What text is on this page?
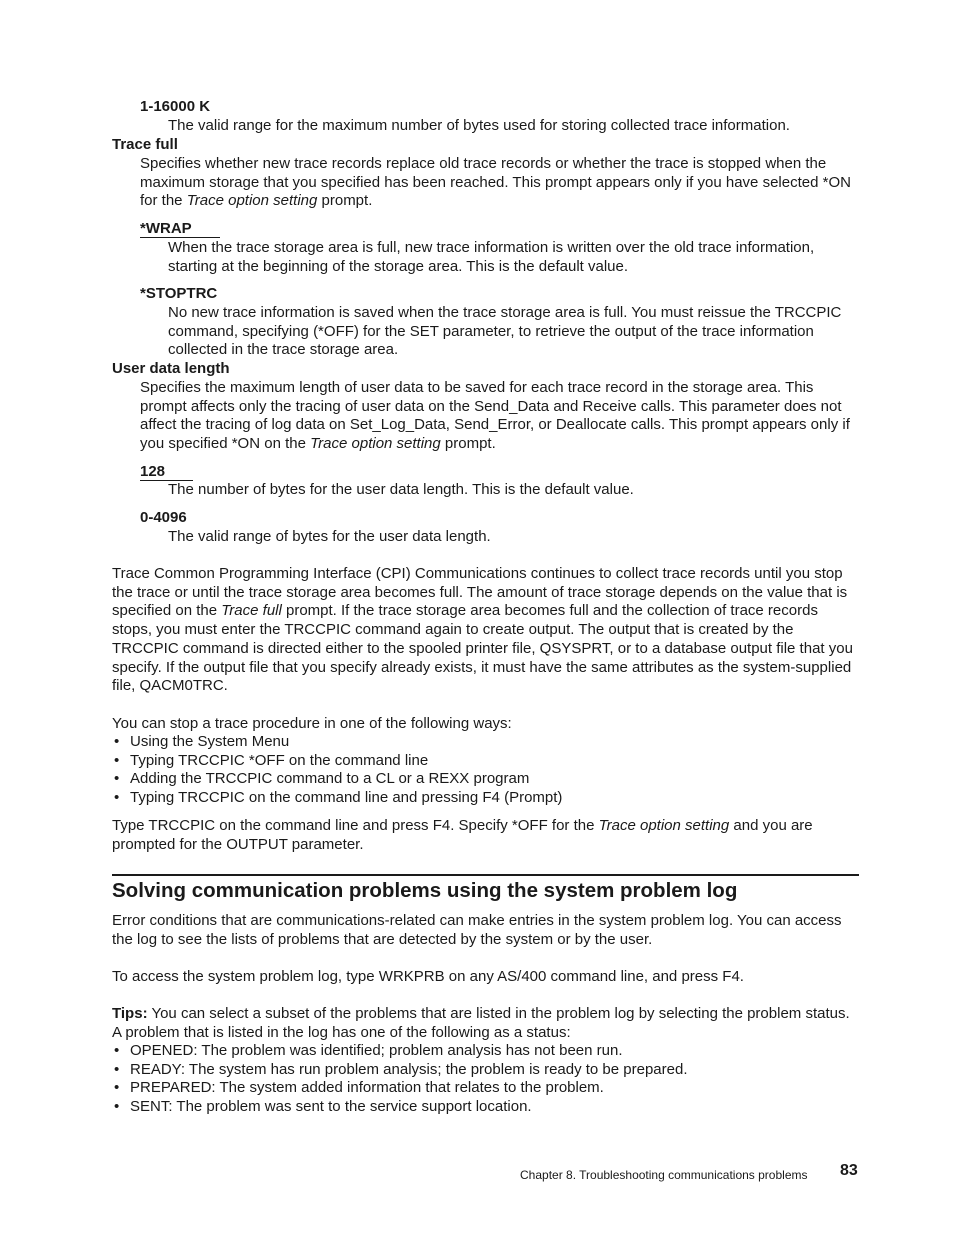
1-16000 K
The valid range for the maximum number of bytes used for storing collected trace information.
Trace full
Specifies whether new trace records replace old trace records or whether the trace is stopped when the maximum storage that you specified has been reached. This prompt appears only if you have selected *ON for the Trace option setting prompt.
*WRAP
When the trace storage area is full, new trace information is written over the old trace information, starting at the beginning of the storage area. This is the default value.
*STOPTRC
No new trace information is saved when the trace storage area is full. You must reissue the TRCCPIC command, specifying (*OFF) for the SET parameter, to retrieve the output of the trace information collected in the trace storage area.
User data length
Specifies the maximum length of user data to be saved for each trace record in the storage area. This prompt affects only the tracing of user data on the Send_Data and Receive calls. This parameter does not affect the tracing of log data on Set_Log_Data, Send_Error, or Deallocate calls. This prompt appears only if you specified *ON on the Trace option setting prompt.
128
The number of bytes for the user data length. This is the default value.
0-4096
The valid range of bytes for the user data length.

Trace Common Programming Interface (CPI) Communications continues to collect trace records until you stop the trace or until the trace storage area becomes full. The amount of trace storage depends on the value that is specified on the Trace full prompt. If the trace storage area becomes full and the collection of trace records stops, you must enter the TRCCPIC command again to create output. The output that is created by the TRCCPIC command is directed either to the spooled printer file, QSYSPRT, or to a database output file that you specify. If the output file that you specify already exists, it must have the same attributes as the system-supplied file, QACM0TRC.

You can stop a trace procedure in one of the following ways:

• Using the System Menu
• Typing TRCCPIC *OFF on the command line
• Adding the TRCCPIC command to a CL or a REXX program
• Typing TRCCPIC on the command line and pressing F4 (Prompt)

Type TRCCPIC on the command line and press F4. Specify *OFF for the Trace option setting and you are prompted for the OUTPUT parameter.

Solving communication problems using the system problem log

Error conditions that are communications-related can make entries in the system problem log. You can access the log to see the lists of problems that are detected by the system or by the user.

To access the system problem log, type WRKPRB on any AS/400 command line, and press F4.

Tips: You can select a subset of the problems that are listed in the problem log by selecting the problem status. A problem that is listed in the log has one of the following as a status:

• OPENED: The problem was identified; problem analysis has not been run.
• READY: The system has run problem analysis; the problem is ready to be prepared.
• PREPARED: The system added information that relates to the problem.
• SENT: The problem was sent to the service support location.
Chapter 8. Troubleshooting communications problems 83
